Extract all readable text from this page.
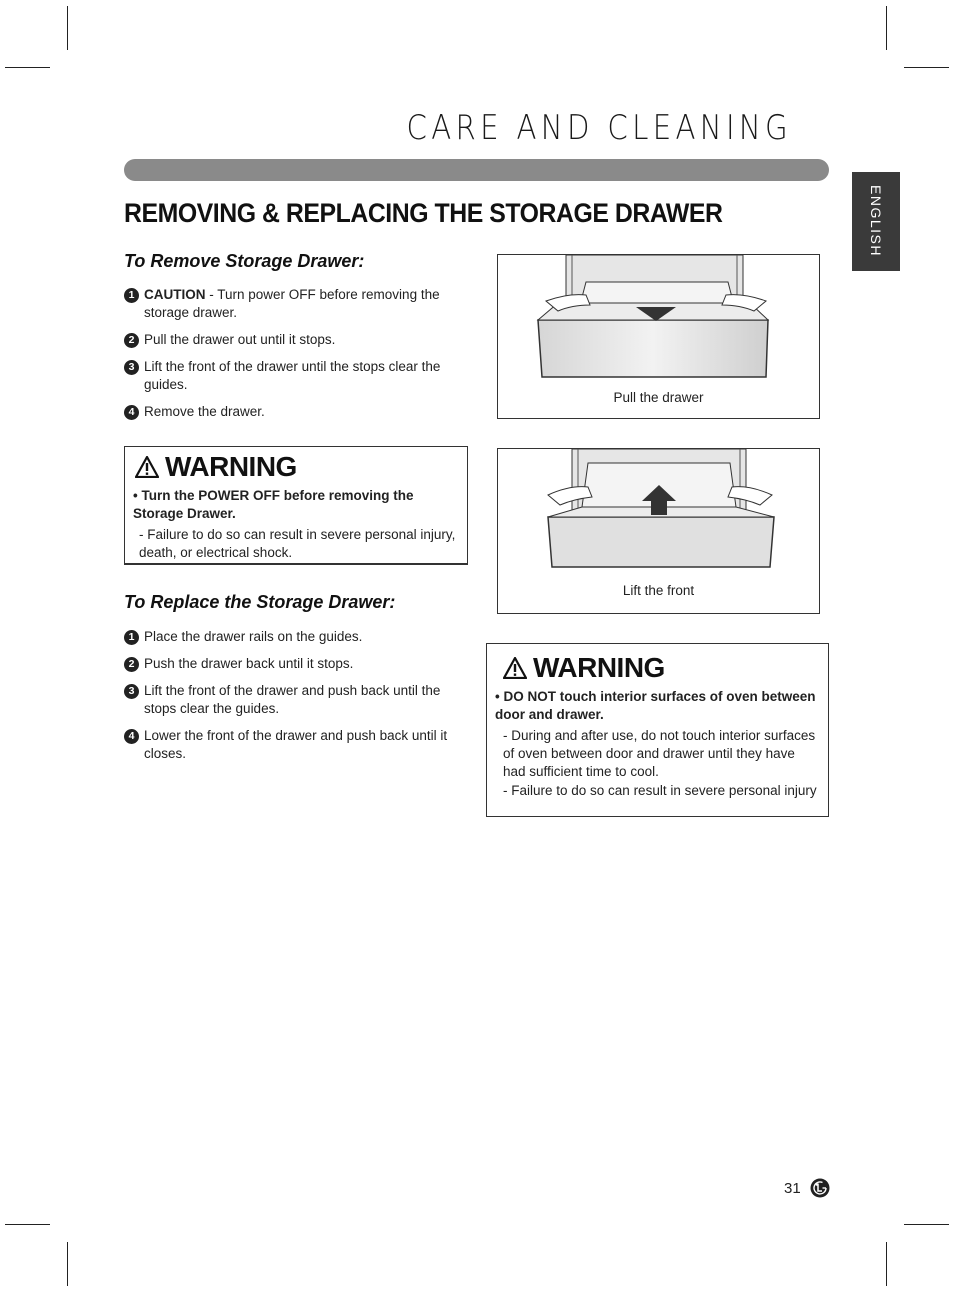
CARE AND CLEANING
ENGLISH
REMOVING & REPLACING THE STORAGE DRAWER
To Remove Storage Drawer:
1 CAUTION - Turn power OFF before removing the storage drawer.
2 Pull the drawer out until it stops.
3 Lift the front of the drawer until the stops clear the guides.
4 Remove the drawer.
WARNING
• Turn the POWER OFF before removing the Storage Drawer.
- Failure to do so can result in severe personal injury, death, or electrical shock.
To Replace the Storage Drawer:
1 Place the drawer rails on the guides.
2 Push the drawer back until it stops.
3 Lift the front of the drawer and push back until the stops clear the guides.
4 Lower the front of the drawer and push back until it closes.
Pull the drawer
Lift the front
WARNING
• DO NOT touch interior surfaces of oven between door and drawer.
- During and after use, do not touch interior surfaces of oven between door and drawer until they have had sufficient time to cool.
- Failure to do so can result in severe personal injury
31
